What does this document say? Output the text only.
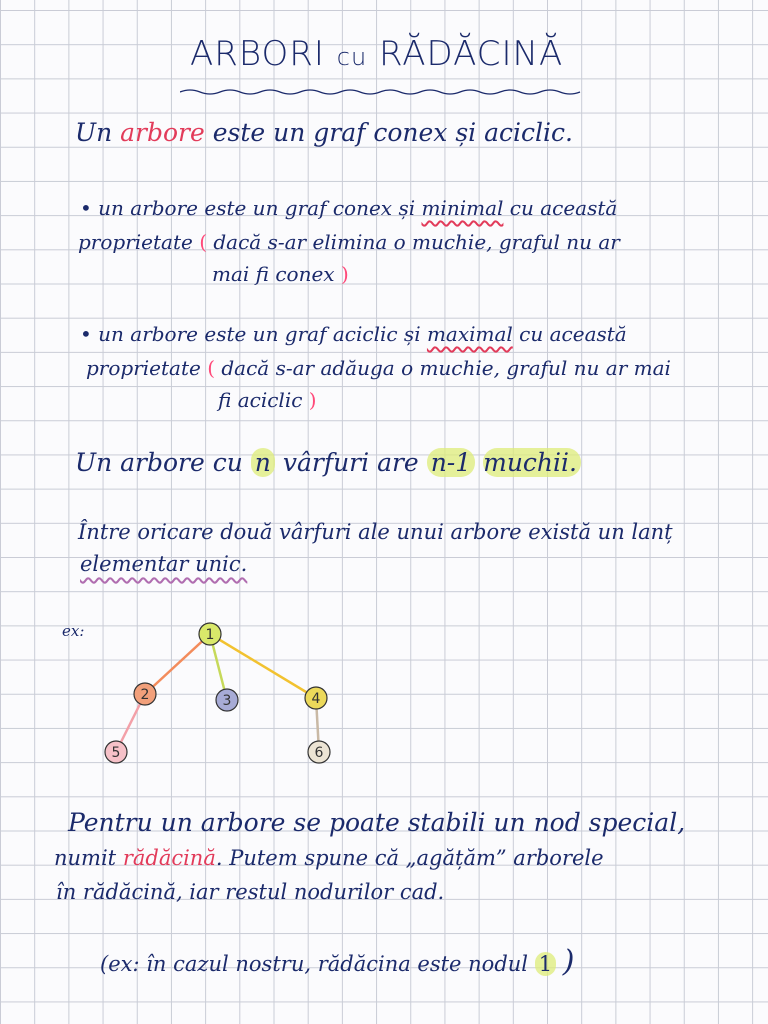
ARBORI cu RĂDĂCINĂ
Un arbore este un graf conex și aciclic.
• un arbore este un graf conex și minimal cu această
proprietate ( dacă s-ar elimina o muchie, graful nu ar
mai fi conex )
• un arbore este un graf aciclic și maximal cu această
proprietate ( dacă s-ar adăuga o muchie, graful nu ar mai
fi aciclic )
Un arbore cu n vârfuri are n-1 muchii.
Între oricare două vârfuri ale unui arbore există un lanț
elementar unic.
ex:	1
2	3	4
5	6
Pentru un arbore se poate stabili un nod special,
numit rădăcină. Putem spune că „agățăm” arborele
în rădăcină, iar restul nodurilor cad.
(ex: în cazul nostru, rădăcina este nodul 1 )
